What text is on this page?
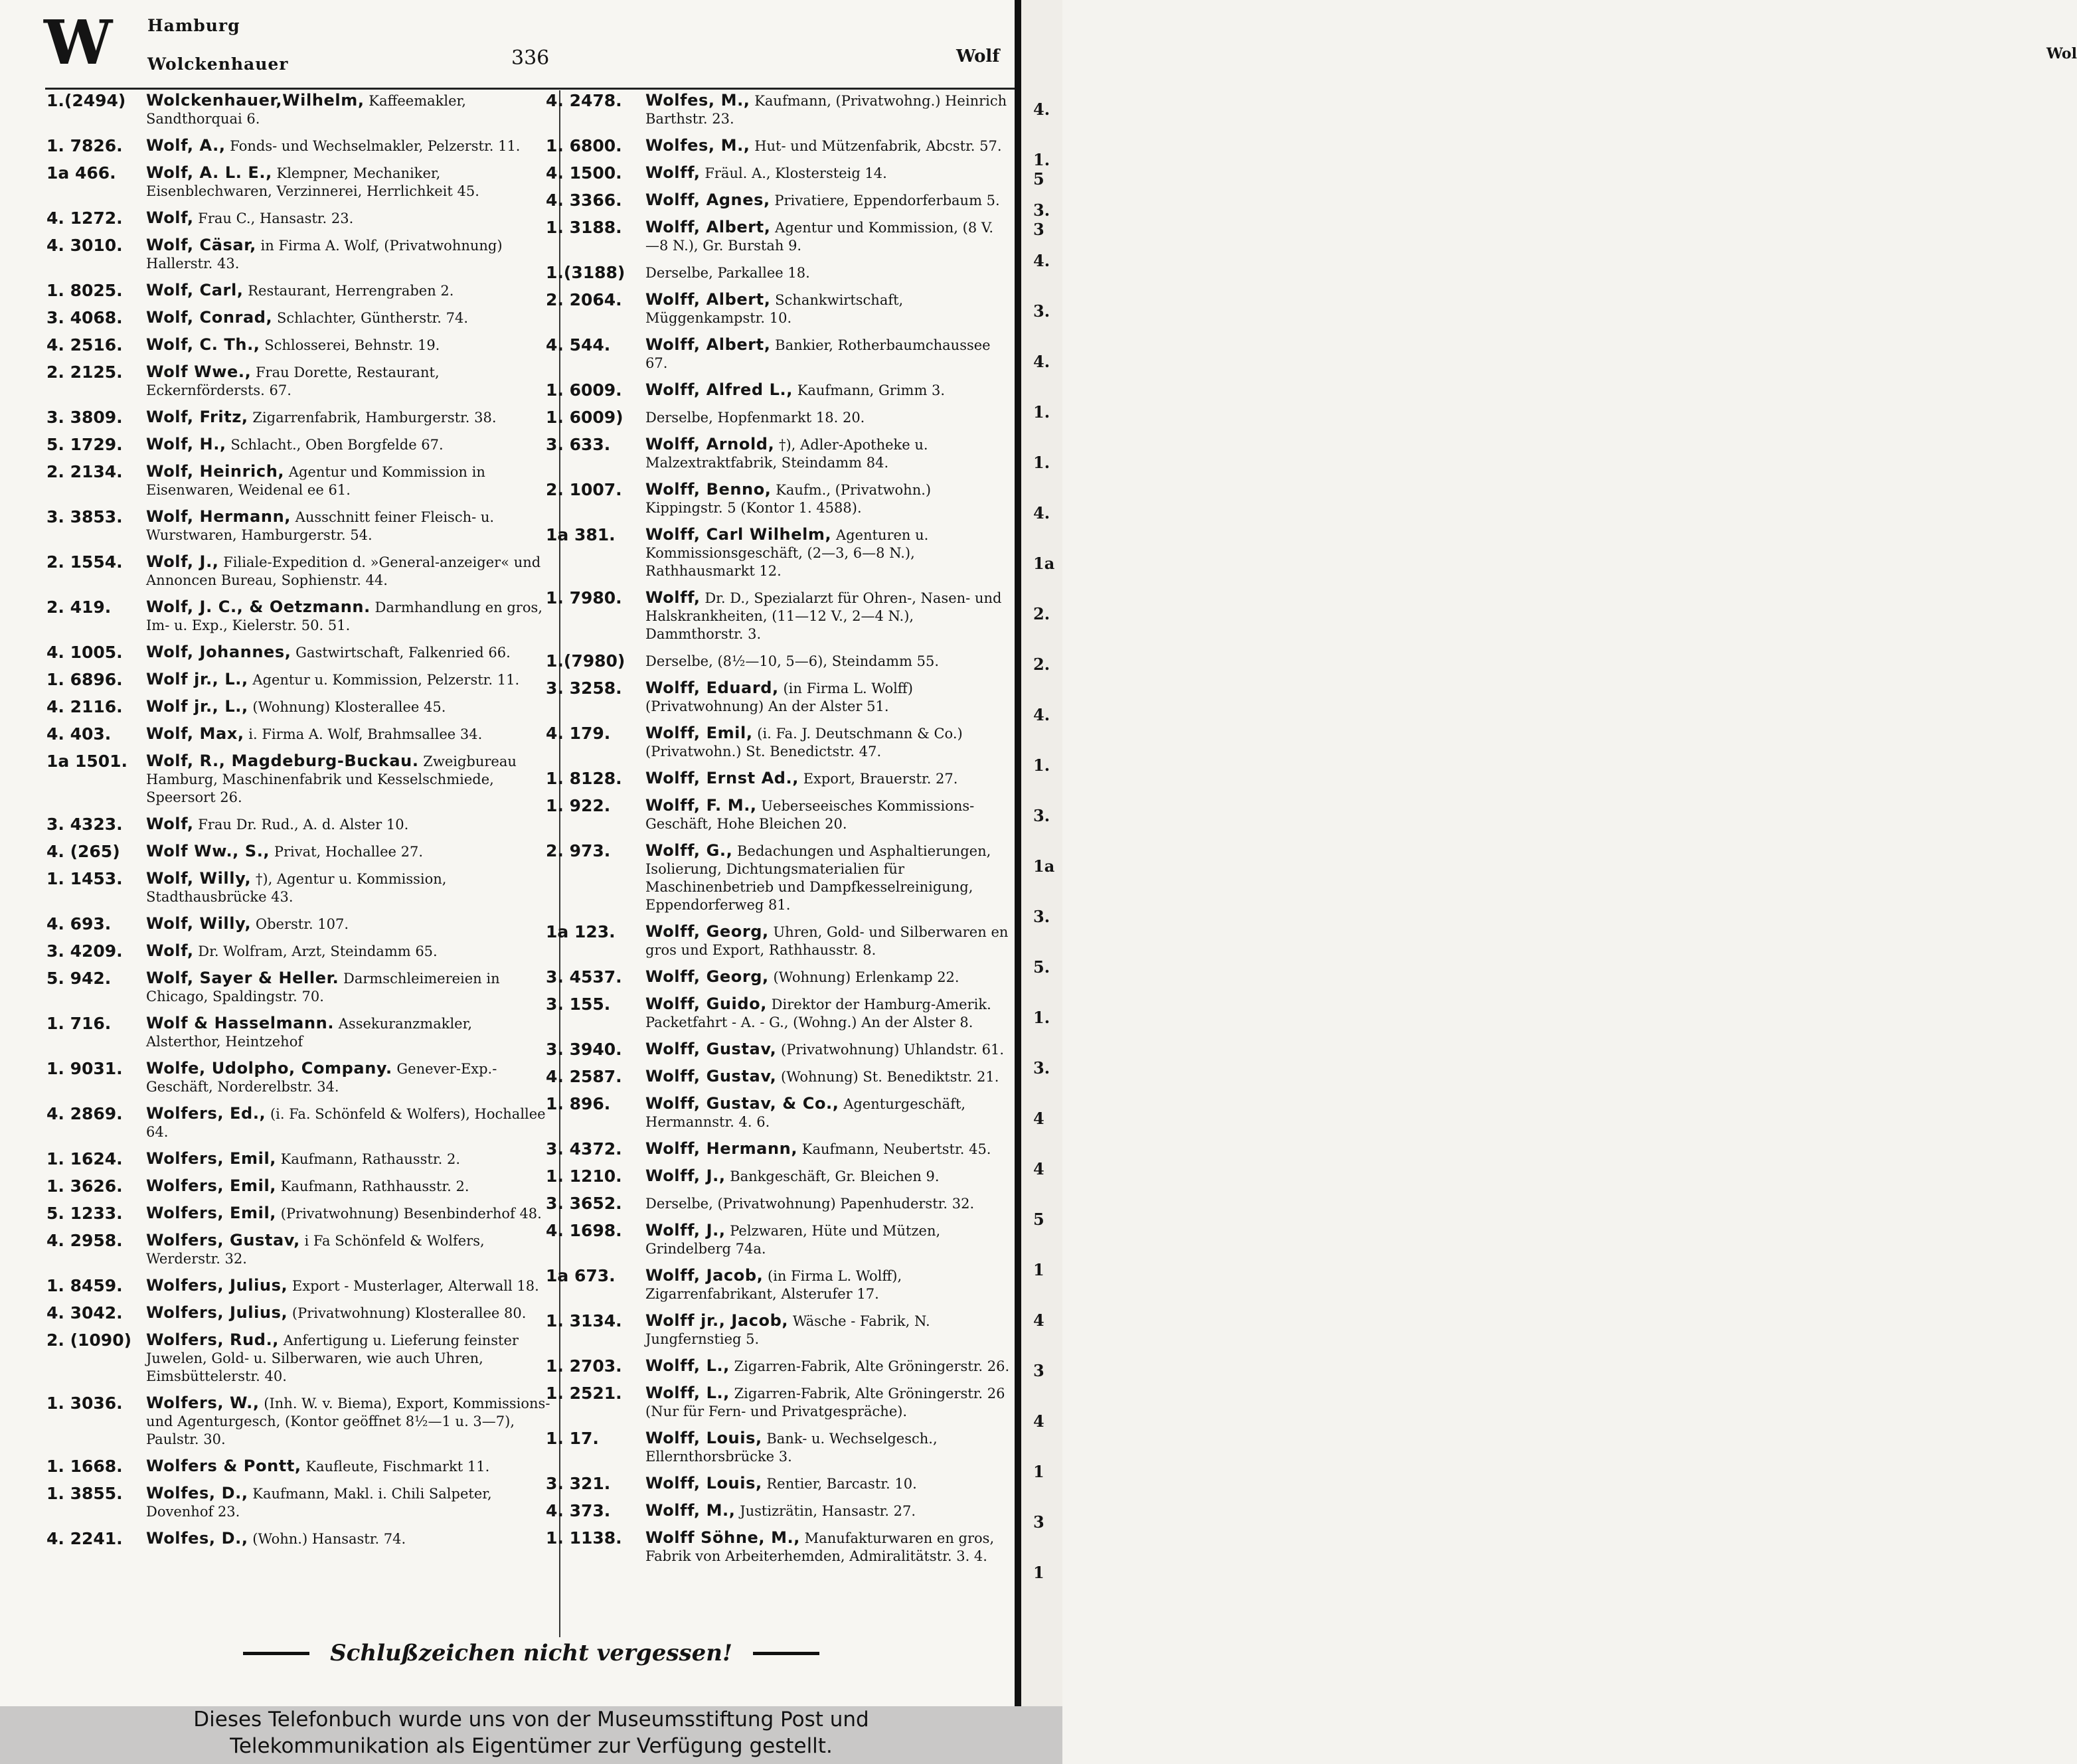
W Hamburg
Wolckenhauer	336	Wolf
1.(2494) Wolckenhauer,Wilhelm, Kaffeemakler, Sandthorquai 6.
1. 7826. Wolf, A., Fonds- und Wechselmakler, Pelzerstr. 11.
1a 466. Wolf, A. L. E., Klempner, Mechaniker, Eisenblechwaren, Verzinnerei, Herrlichkeit 45.
4. 1272. Wolf, Frau C., Hansastr. 23.
4. 3010. Wolf, Cäsar, in Firma A. Wolf, (Privatwohnung) Hallerstr. 43.
1. 8025. Wolf, Carl, Restaurant, Herrengraben 2.
3. 4068. Wolf, Conrad, Schlachter, Güntherstr. 74.
4. 2516. Wolf, C. Th., Schlosserei, Behnstr. 19.
2. 2125. Wolf Wwe., Frau Dorette, Restaurant, Eckernfördersts. 67.
3. 3809. Wolf, Fritz, Zigarrenfabrik, Hamburgerstr. 38.
5. 1729. Wolf, H., Schlacht., Oben Borgfelde 67.
2. 2134. Wolf, Heinrich, Agentur und Kommission in Eisenwaren, Weidenal ee 61.
3. 3853. Wolf, Hermann, Ausschnitt feiner Fleisch- u. Wurstwaren, Hamburgerstr. 54.
2. 1554. Wolf, J., Filiale-Expedition d. »General-anzeiger« und Annoncen Bureau, Sophienstr. 44.
2. 419. Wolf, J. C., & Oetzmann. Darmhandlung en gros, Im- u. Exp., Kielerstr. 50. 51.
4. 1005. Wolf, Johannes, Gastwirtschaft, Falkenried 66.
1. 6896. Wolf jr., L., Agentur u. Kommission, Pelzerstr. 11.
4. 2116. Wolf jr., L., (Wohnung) Klosterallee 45.
4. 403. Wolf, Max, i. Firma A. Wolf, Brahmsallee 34.
1a 1501. Wolf, R., Magdeburg-Buckau. Zweigbureau Hamburg, Maschinenfabrik und Kesselschmiede, Speersort 26.
3. 4323. Wolf, Frau Dr. Rud., A. d. Alster 10.
4. (265) Wolf Ww., S., Privat, Hochallee 27.
1. 1453. Wolf, Willy, †), Agentur u. Kommission, Stadthausbrücke 43.
4. 693. Wolf, Willy, Oberstr. 107.
3. 4209. Wolf, Dr. Wolfram, Arzt, Steindamm 65.
5. 942. Wolf, Sayer & Heller. Darmschleimereien in Chicago, Spaldingstr. 70.
1. 716. Wolf & Hasselmann. Assekuranzmakler, Alsterthor, Heintzehof
1. 9031. Wolfe, Udolpho, Company. Genever-Exp.-Geschäft, Norderelbstr. 34.
4. 2869. Wolfers, Ed., (i. Fa. Schönfeld & Wolfers), Hochallee 64.
1. 1624. Wolfers, Emil, Kaufmann, Rathausstr. 2.
1. 3626. Wolfers, Emil, Kaufmann, Rathhausstr. 2.
5. 1233. Wolfers, Emil, (Privatwohnung) Besenbinderhof 48.
4. 2958. Wolfers, Gustav, i Fa Schönfeld & Wolfers, Werderstr. 32.
1. 8459. Wolfers, Julius, Export - Musterlager, Alterwall 18.
4. 3042. Wolfers, Julius, (Privatwohnung) Klosterallee 80.
2. (1090) Wolfers, Rud., Anfertigung u. Lieferung feinster Juwelen, Gold- u. Silberwaren, wie auch Uhren, Eimsbüttelerstr. 40.
1. 3036. Wolfers, W., (Inh. W. v. Biema), Export, Kommissions- und Agenturgesch, (Kontor geöffnet 8½—1 u. 3—7), Paulstr. 30.
1. 1668. Wolfers & Pontt, Kaufleute, Fischmarkt 11.
1. 3855. Wolfes, D., Kaufmann, Makl. i. Chili Salpeter, Dovenhof 23.
4. 2241. Wolfes, D., (Wohn.) Hansastr. 74.
4. 2478. Wolfes, M., Kaufmann, (Privatwohng.) Heinrich Barthstr. 23.
1. 6800. Wolfes, M., Hut- und Mützenfabrik, Abcstr. 57.
4. 1500. Wolff, Fräul. A., Klostersteig 14.
4. 3366. Wolff, Agnes, Privatiere, Eppendorferbaum 5.
1. 3188. Wolff, Albert, Agentur und Kommission, (8 V. —8 N.), Gr. Burstah 9.
1.(3188) Derselbe, Parkallee 18.
2. 2064. Wolff, Albert, Schankwirtschaft, Müggenkampstr. 10.
4. 544. Wolff, Albert, Bankier, Rotherbaumchaussee 67.
1. 6009. Wolff, Alfred L., Kaufmann, Grimm 3.
1. 6009) Derselbe, Hopfenmarkt 18. 20.
3. 633. Wolff, Arnold, †), Adler-Apotheke u. Malzextraktfabrik, Steindamm 84.
2. 1007. Wolff, Benno, Kaufm., (Privatwohn.) Kippingstr. 5 (Kontor 1. 4588).
1a 381. Wolff, Carl Wilhelm, Agenturen u. Kommissionsgeschäft, (2—3, 6—8 N.), Rathhausmarkt 12.
1. 7980. Wolff, Dr. D., Spezialarzt für Ohren-, Nasen- und Halskrankheiten, (11—12 V., 2—4 N.), Dammthorstr. 3.
1.(7980) Derselbe, (8½—10, 5—6), Steindamm 55.
3. 3258. Wolff, Eduard, (in Firma L. Wolff) (Privatwohnung) An der Alster 51.
4. 179. Wolff, Emil, (i. Fa. J. Deutschmann & Co.) (Privatwohn.) St. Benedictstr. 47.
1. 8128. Wolff, Ernst Ad., Export, Brauerstr. 27.
1. 922. Wolff, F. M., Ueberseeisches Kommissions-Geschäft, Hohe Bleichen 20.
2. 973. Wolff, G., Bedachungen und Asphaltierungen, Isolierung, Dichtungsmaterialien für Maschinenbetrieb und Dampfkesselreinigung, Eppendorferweg 81.
1a 123. Wolff, Georg, Uhren, Gold- und Silberwaren en gros und Export, Rathhausstr. 8.
3. 4537. Wolff, Georg, (Wohnung) Erlenkamp 22.
3. 155. Wolff, Guido, Direktor der Hamburg-Amerik. Packetfahrt - A. - G., (Wohng.) An der Alster 8.
3. 3940. Wolff, Gustav, (Privatwohnung) Uhlandstr. 61.
4. 2587. Wolff, Gustav, (Wohnung) St. Benediktstr. 21.
1. 896. Wolff, Gustav, & Co., Agenturgeschäft, Hermannstr. 4. 6.
3. 4372. Wolff, Hermann, Kaufmann, Neubertstr. 45.
1. 1210. Wolff, J., Bankgeschäft, Gr. Bleichen 9.
3. 3652. Derselbe, (Privatwohnung) Papenhuderstr. 32.
4. 1698. Wolff, J., Pelzwaren, Hüte und Mützen, Grindelberg 74a.
1a 673. Wolff, Jacob, (in Firma L. Wolff), Zigarrenfabrikant, Alsterufer 17.
1. 3134. Wolff jr., Jacob, Wäsche - Fabrik, N. Jungfernstieg 5.
1. 2703. Wolff, L., Zigarren-Fabrik, Alte Gröningerstr. 26.
1. 2521. Wolff, L., Zigarren-Fabrik, Alte Gröningerstr. 26 (Nur für Fern- und Privatgespräche).
1. 17.	Wolff, Louis, Bank- u. Wechselgesch., Ellernthorsbrücke 3.
3. 321. Wolff, Louis, Rentier, Barcastr. 10.
4. 373. Wolff, M., Justizrätin, Hansastr. 27.
1. 1138. Wolff Söhne, M., Manufakturwaren en gros, Fabrik von Arbeiterhemden, Admiralitätstr. 3. 4.
Wol
4.
1. 5
3. 3
4.
3.
4.
1.
1.
4.
1a
2.
2.
4.
1.
3.
1a
3.
5.
1.
3.
4
4
5
1
4
3
4
1
3
1
Schlußzeichen nicht vergessen!
Dieses Telefonbuch wurde uns von der Museumsstiftung Post und
Telekommunikation als Eigentümer zur Verfügung gestellt.
